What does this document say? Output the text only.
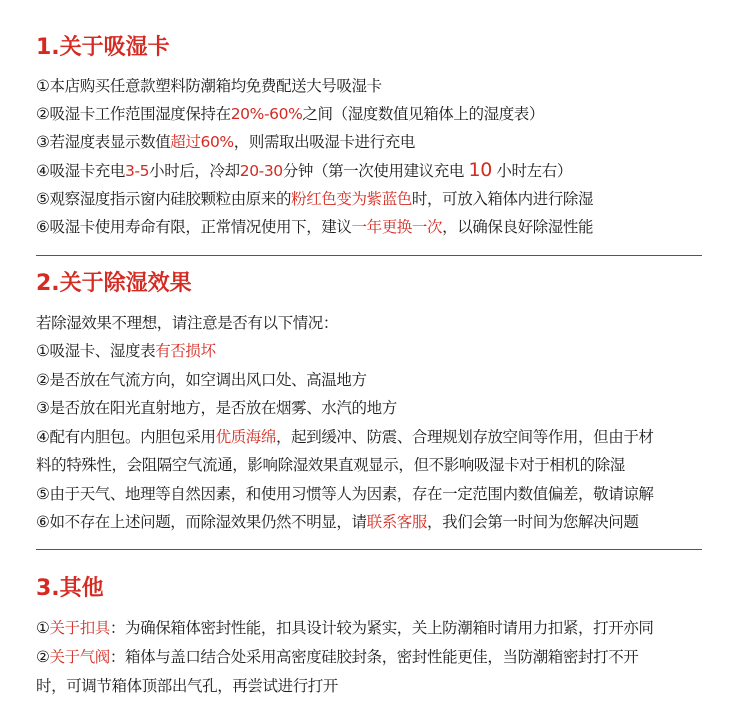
1.关于吸湿卡

①本店购买任意款塑料防潮箱均免费配送大号吸湿卡

②吸湿卡工作范围湿度保持在20%-60%之间（湿度数值见箱体上的湿度表）

③若湿度表显示数值超过60%，则需取出吸湿卡进行充电

④吸湿卡充电3-5小时后，冷却20-30分钟（第一次使用建议充电 10 小时左右）

⑤观察湿度指示窗内硅胶颗粒由原来的粉红色变为紫蓝色时，可放入箱体内进行除湿

⑥吸湿卡使用寿命有限，正常情况使用下，建议一年更换一次，以确保良好除湿性能

2.关于除湿效果

若除湿效果不理想，请注意是否有以下情况：

①吸湿卡、湿度表有否损坏

②是否放在气流方向，如空调出风口处、高温地方

③是否放在阳光直射地方，是否放在烟雾、水汽的地方

④配有内胆包。内胆包采用优质海绵，起到缓冲、防震、合理规划存放空间等作用，但由于材

料的特殊性，会阻隔空气流通，影响除湿效果直观显示，但不影响吸湿卡对于相机的除湿

⑤由于天气、地理等自然因素，和使用习惯等人为因素，存在一定范围内数值偏差，敬请谅解

⑥如不存在上述问题，而除湿效果仍然不明显，请联系客服，我们会第一时间为您解决问题

3.其他

①关于扣具：为确保箱体密封性能，扣具设计较为紧实，关上防潮箱时请用力扣紧，打开亦同

②关于气阀：箱体与盖口结合处采用高密度硅胶封条，密封性能更佳，当防潮箱密封打不开

时，可调节箱体顶部出气孔，再尝试进行打开
